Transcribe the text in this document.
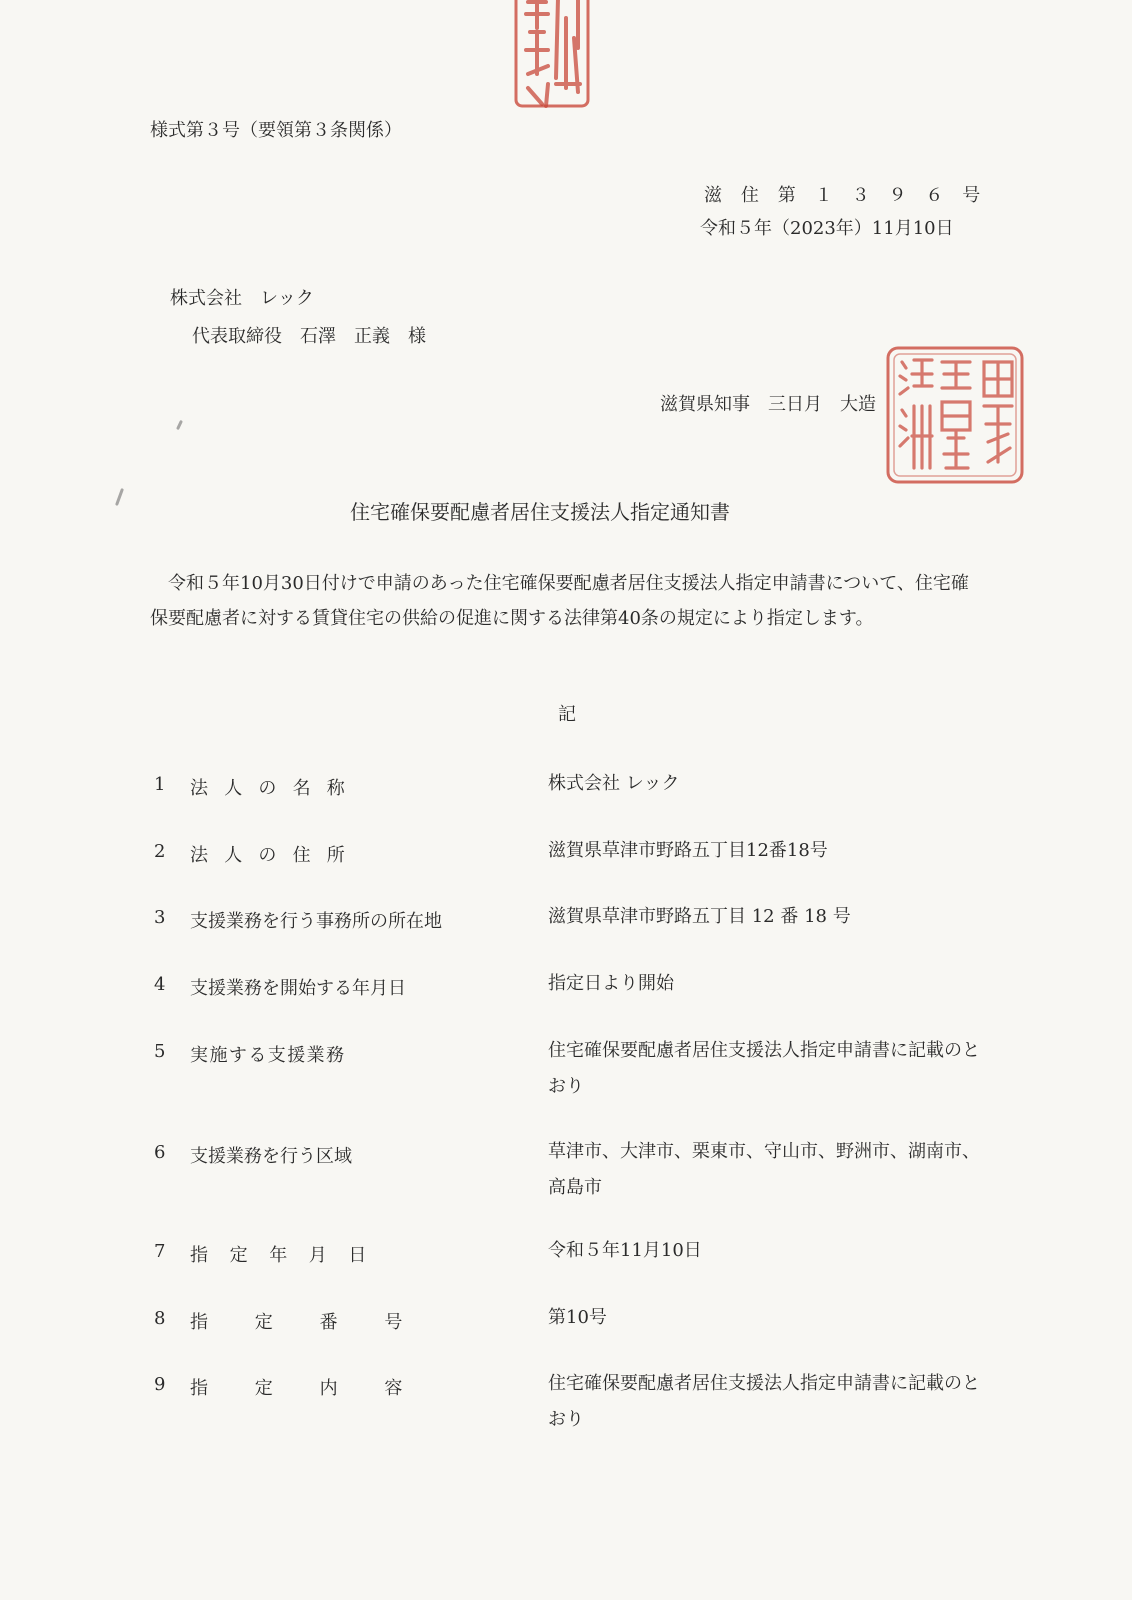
様式第３号（要領第３条関係）
滋住第１３９６号
令和５年（2023年）11月10日
株式会社　レック
代表取締役　石澤　正義　様
滋賀県知事　三日月　大造
住宅確保要配慮者居住支援法人指定通知書
令和５年10月30日付けで申請のあった住宅確保要配慮者居住支援法人指定申請書について、住宅確保要配慮者に対する賃貸住宅の供給の促進に関する法律第40条の規定により指定します。
記
1 法人の名称	株式会社 レック
2 法人の住所	滋賀県草津市野路五丁目12番18号
3 支援業務を行う事務所の所在地	滋賀県草津市野路五丁目 12 番 18 号
4 支援業務を開始する年月日	指定日より開始
5 実施する支援業務	住宅確保要配慮者居住支援法人指定申請書に記載のとおり
6 支援業務を行う区域	草津市、大津市、栗東市、守山市、野洲市、湖南市、高島市
7 指定年月日	令和５年11月10日
8 指定番号	第10号
9 指定内容	住宅確保要配慮者居住支援法人指定申請書に記載のとおり
